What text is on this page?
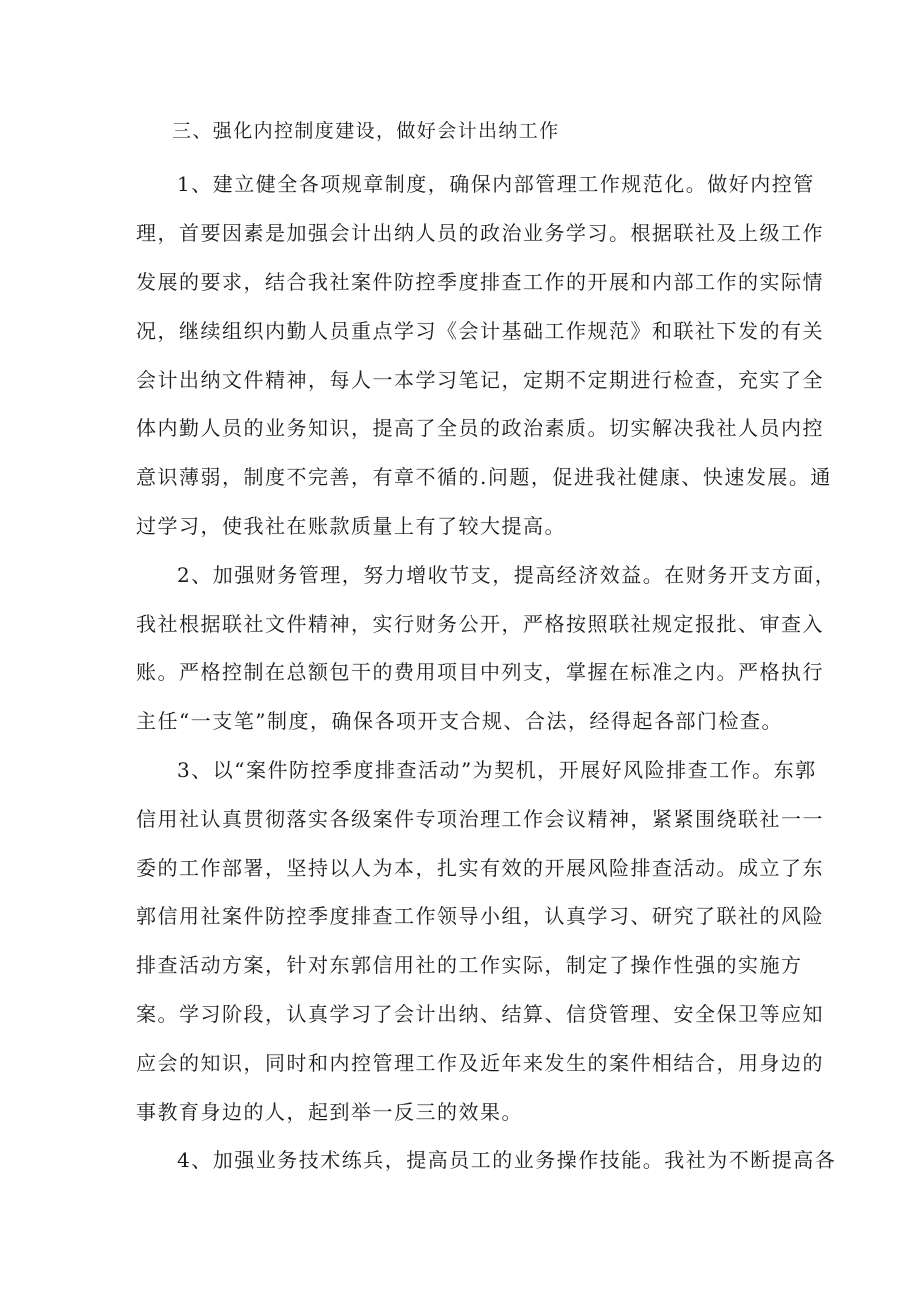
三、强化内控制度建设，做好会计出纳工作
1、建立健全各项规章制度，确保内部管理工作规范化。做好内控管
理，首要因素是加强会计出纳人员的政治业务学习。根据联社及上级工作
发展的要求，结合我社案件防控季度排查工作的开展和内部工作的实际情
况，继续组织内勤人员重点学习《会计基础工作规范》和联社下发的有关
会计出纳文件精神，每人一本学习笔记，定期不定期进行检查，充实了全
体内勤人员的业务知识，提高了全员的政治素质。切实解决我社人员内控
意识薄弱，制度不完善，有章不循的.问题，促进我社健康、快速发展。通
过学习，使我社在账款质量上有了较大提高。
2、加强财务管理，努力增收节支，提高经济效益。在财务开支方面，
我社根据联社文件精神，实行财务公开，严格按照联社规定报批、审查入
账。严格控制在总额包干的费用项目中列支，掌握在标准之内。严格执行
主任“一支笔”制度，确保各项开支合规、合法，经得起各部门检查。
3、以“案件防控季度排查活动”为契机，开展好风险排查工作。东郭
信用社认真贯彻落实各级案件专项治理工作会议精神，紧紧围绕联社一一
委的工作部署，坚持以人为本，扎实有效的开展风险排查活动。成立了东
郭信用社案件防控季度排查工作领导小组，认真学习、研究了联社的风险
排查活动方案，针对东郭信用社的工作实际，制定了操作性强的实施方
案。学习阶段，认真学习了会计出纳、结算、信贷管理、安全保卫等应知
应会的知识，同时和内控管理工作及近年来发生的案件相结合，用身边的
事教育身边的人，起到举一反三的效果。
4、加强业务技术练兵，提高员工的业务操作技能。我社为不断提高各
